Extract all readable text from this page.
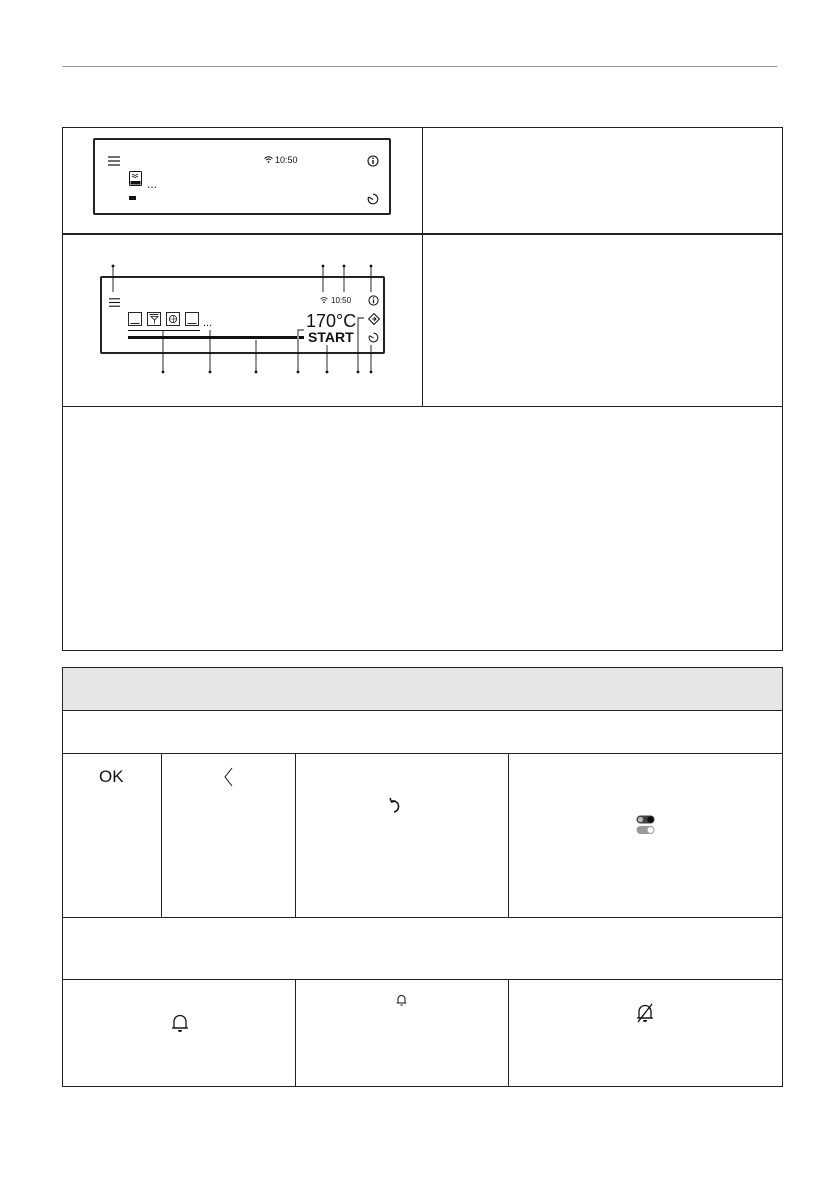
10:50
...
10:50
...	170°C
START
OK
